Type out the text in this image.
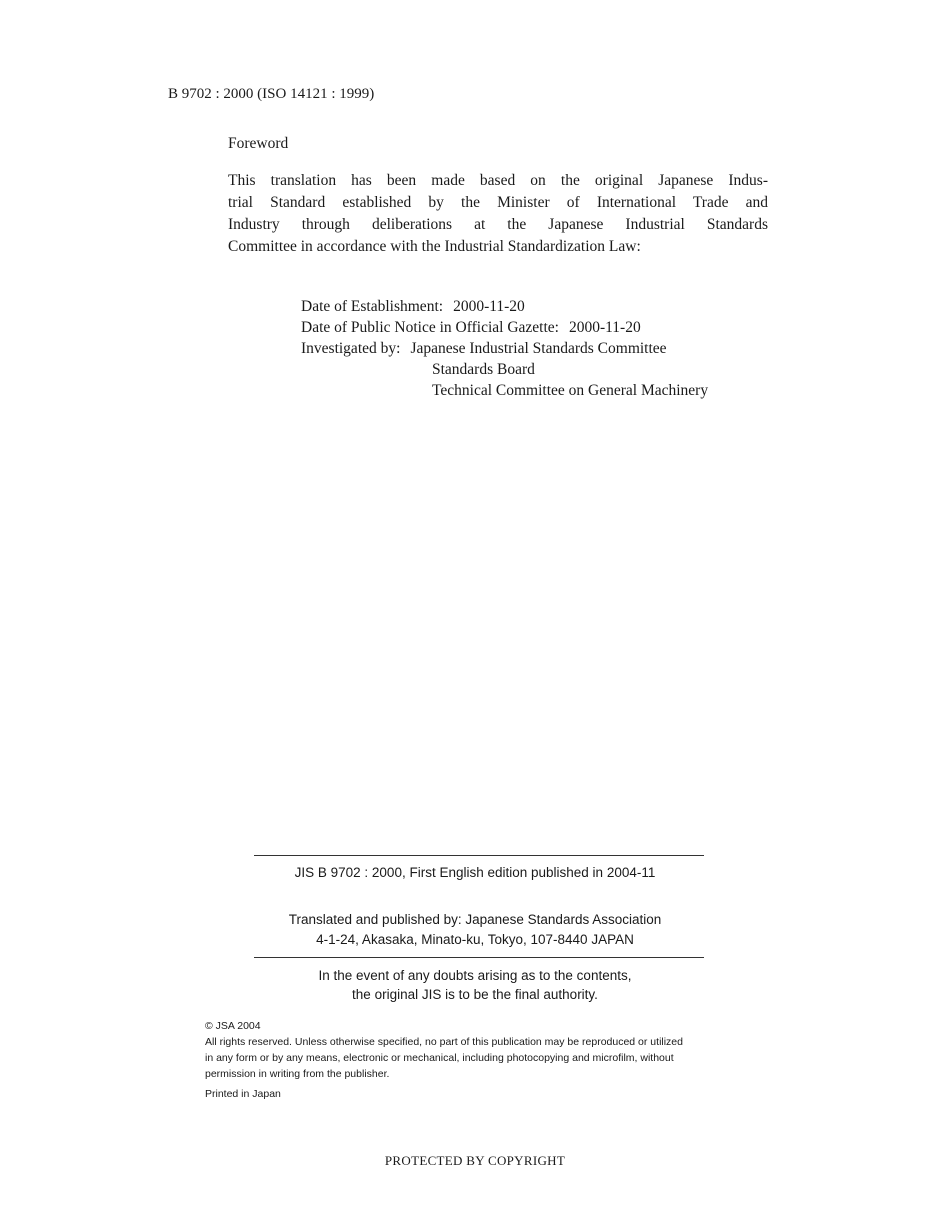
B 9702 : 2000 (ISO 14121 : 1999)
Foreword
This translation has been made based on the original Japanese Indus-
trial Standard established by the Minister of International Trade and
Industry through deliberations at the Japanese Industrial Standards
Committee in accordance with the Industrial Standardization Law:
Date of Establishment: 2000-11-20
Date of Public Notice in Official Gazette: 2000-11-20
Investigated by: Japanese Industrial Standards Committee
Standards Board
Technical Committee on General Machinery
JIS B 9702 : 2000, First English edition published in 2004-11
Translated and published by: Japanese Standards Association
4-1-24, Akasaka, Minato-ku, Tokyo, 107-8440 JAPAN
In the event of any doubts arising as to the contents,
the original JIS is to be the final authority.
© JSA 2004
All rights reserved. Unless otherwise specified, no part of this publication may be reproduced or utilized
in any form or by any means, electronic or mechanical, including photocopying and microfilm, without
permission in writing from the publisher.
Printed in Japan
PROTECTED BY COPYRIGHT
